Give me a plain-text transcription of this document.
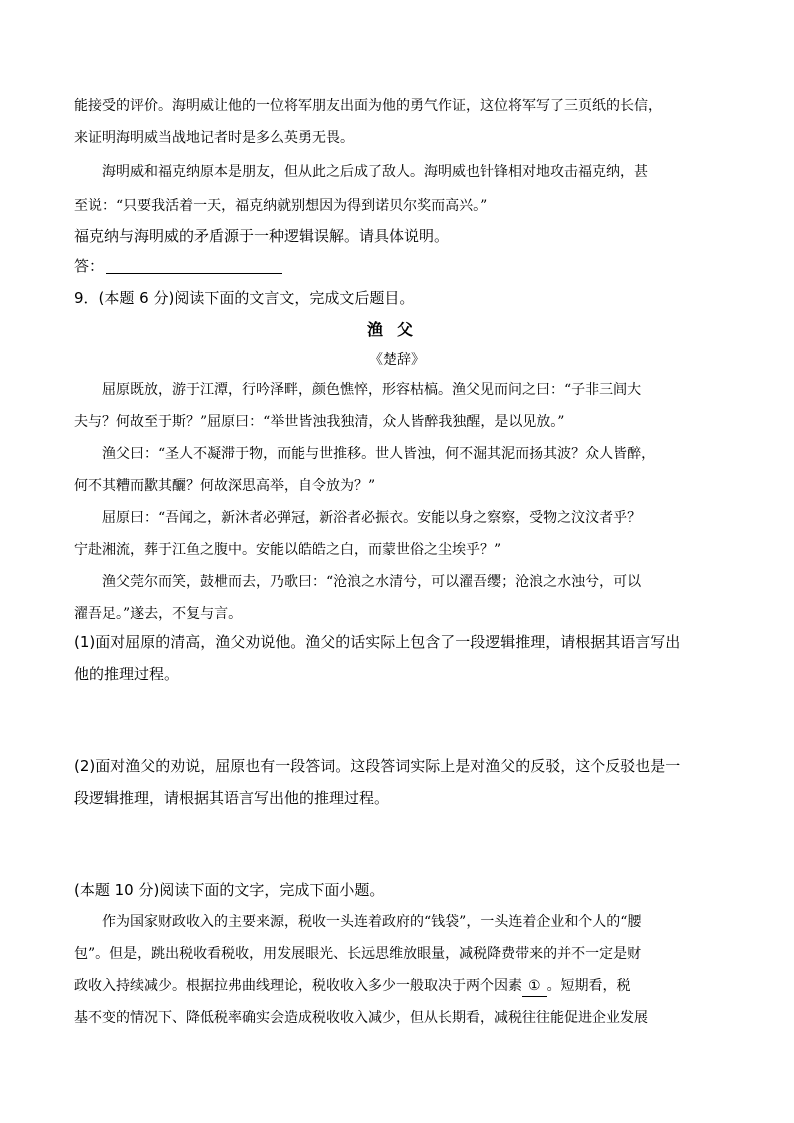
能接受的评价。海明威让他的一位将军朋友出面为他的勇气作证，这位将军写了三页纸的长信，
来证明海明威当战地记者时是多么英勇无畏。
海明威和福克纳原本是朋友，但从此之后成了敌人。海明威也针锋相对地攻击福克纳，甚
至说：“只要我活着一天，福克纳就别想因为得到诺贝尔奖而高兴。”
福克纳与海明威的矛盾源于一种逻辑误解。请具体说明。
答：
9．(本题 6 分)阅读下面的文言文，完成文后题目。
渔父
《楚辞》
屈原既放，游于江潭，行吟泽畔，颜色憔悴，形容枯槁。渔父见而问之曰：“子非三闾大
夫与？何故至于斯？”屈原曰：“举世皆浊我独清，众人皆醉我独醒，是以见放。”
渔父曰：“圣人不凝滞于物，而能与世推移。世人皆浊，何不淈其泥而扬其波？众人皆醉，
何不其糟而歠其釃？何故深思高举，自令放为？”
屈原曰：“吾闻之，新沐者必弹冠，新浴者必振衣。安能以身之察察，受物之汶汶者乎？
宁赴湘流，葬于江鱼之腹中。安能以皓皓之白，而蒙世俗之尘埃乎？”
渔父莞尔而笑，鼓枻而去，乃歌曰：“沧浪之水清兮，可以濯吾缨；沧浪之水浊兮，可以
濯吾足。”遂去，不复与言。
(1)面对屈原的清高，渔父劝说他。渔父的话实际上包含了一段逻辑推理，请根据其语言写出
他的推理过程。
(2)面对渔父的劝说，屈原也有一段答词。这段答词实际上是对渔父的反驳，这个反驳也是一
段逻辑推理，请根据其语言写出他的推理过程。
(本题 10 分)阅读下面的文字，完成下面小题。
作为国家财政收入的主要来源，税收一头连着政府的“钱袋”，一头连着企业和个人的“腰
包”。但是，跳出税收看税收，用发展眼光、长远思维放眼量，减税降费带来的并不一定是财
政收入持续减少。根据拉弗曲线理论，税收收入多少一般取决于两个因素 ① 。短期看，税
基不变的情况下、降低税率确实会造成税收收入减少，但从长期看，减税往往能促进企业发展
